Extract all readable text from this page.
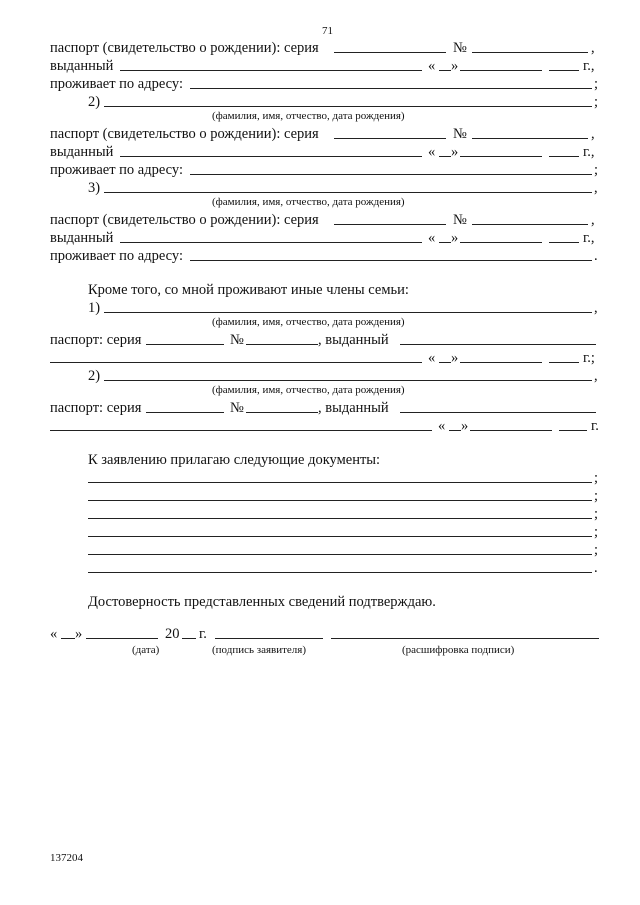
71
паспорт (свидетельство о рождении): серия	№	,
выданный	« »	г.,
проживает по адресу:	;
2)	;
(фамилия, имя, отчество, дата рождения)
паспорт (свидетельство о рождении): серия	№	,
выданный	« »	г.,
проживает по адресу:	;
3)	,
(фамилия, имя, отчество, дата рождения)
паспорт (свидетельство о рождении): серия	№	,
выданный	« »	г.,
проживает по адресу:	.
Кроме того, со мной проживают иные члены семьи:
1)	,
(фамилия, имя, отчество, дата рождения)
паспорт: серия	№	, выданный
« »	г.;
2)	,
(фамилия, имя, отчество, дата рождения)
паспорт: серия	№	, выданный
« »	г.
К заявлению прилагаю следующие документы:
;
;
;
;
;
.
Достоверность представленных сведений подтверждаю.
« »	20 г.
(дата)	(подпись заявителя)	(расшифровка подписи)
137204
